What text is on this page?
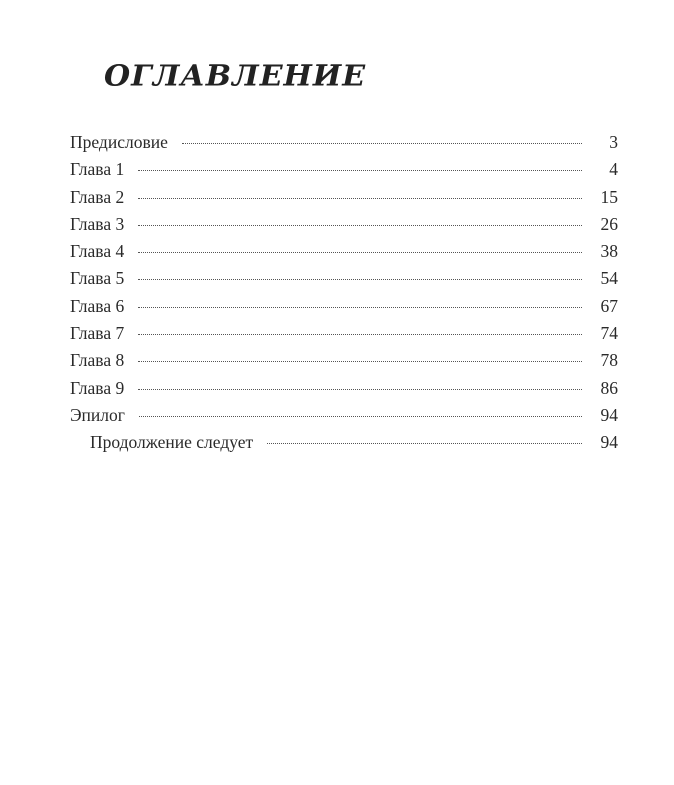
ОГЛАВЛЕНИЕ
Предисловие	3
Глава 1	4
Глава 2	15
Глава 3	26
Глава 4	38
Глава 5	54
Глава 6	67
Глава 7	74
Глава 8	78
Глава 9	86
Эпилог	94
Продолжение следует	94
